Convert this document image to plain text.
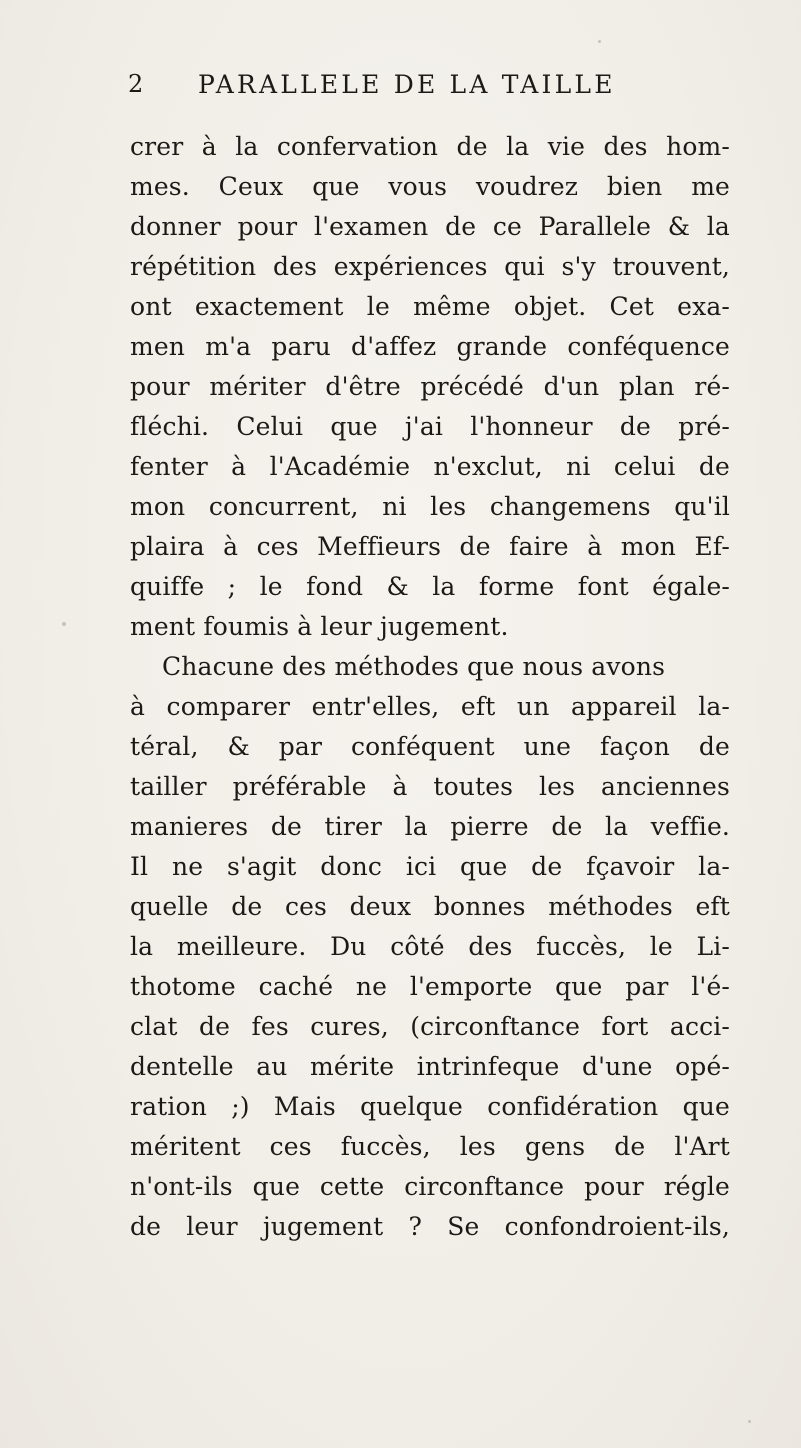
2 PARALLELE DE LA TAILLE
crer à la confervation de la vie des hom-
mes. Ceux que vous voudrez bien me
donner pour l'examen de ce Parallele & la
répétition des expériences qui s'y trouvent,
ont exactement le même objet. Cet exa-
men m'a paru d'affez grande conféquence
pour mériter d'être précédé d'un plan ré-
fléchi. Celui que j'ai l'honneur de pré-
fenter à l'Académie n'exclut, ni celui de
mon concurrent, ni les changemens qu'il
plaira à ces Meffieurs de faire à mon Ef-
quiffe ; le fond & la forme font égale-
ment foumis à leur jugement.
Chacune des méthodes que nous avons
à comparer entr'elles, eft un appareil la-
téral, & par conféquent une façon de
tailler préférable à toutes les anciennes
manieres de tirer la pierre de la veffie.
Il ne s'agit donc ici que de fçavoir la-
quelle de ces deux bonnes méthodes eft
la meilleure. Du côté des fuccès, le Li-
thotome caché ne l'emporte que par l'é-
clat de fes cures, (circonftance fort acci-
dentelle au mérite intrinfeque d'une opé-
ration ;) Mais quelque confidération que
méritent ces fuccès, les gens de l'Art
n'ont-ils que cette circonftance pour régle
de leur jugement ? Se confondroient-ils,
